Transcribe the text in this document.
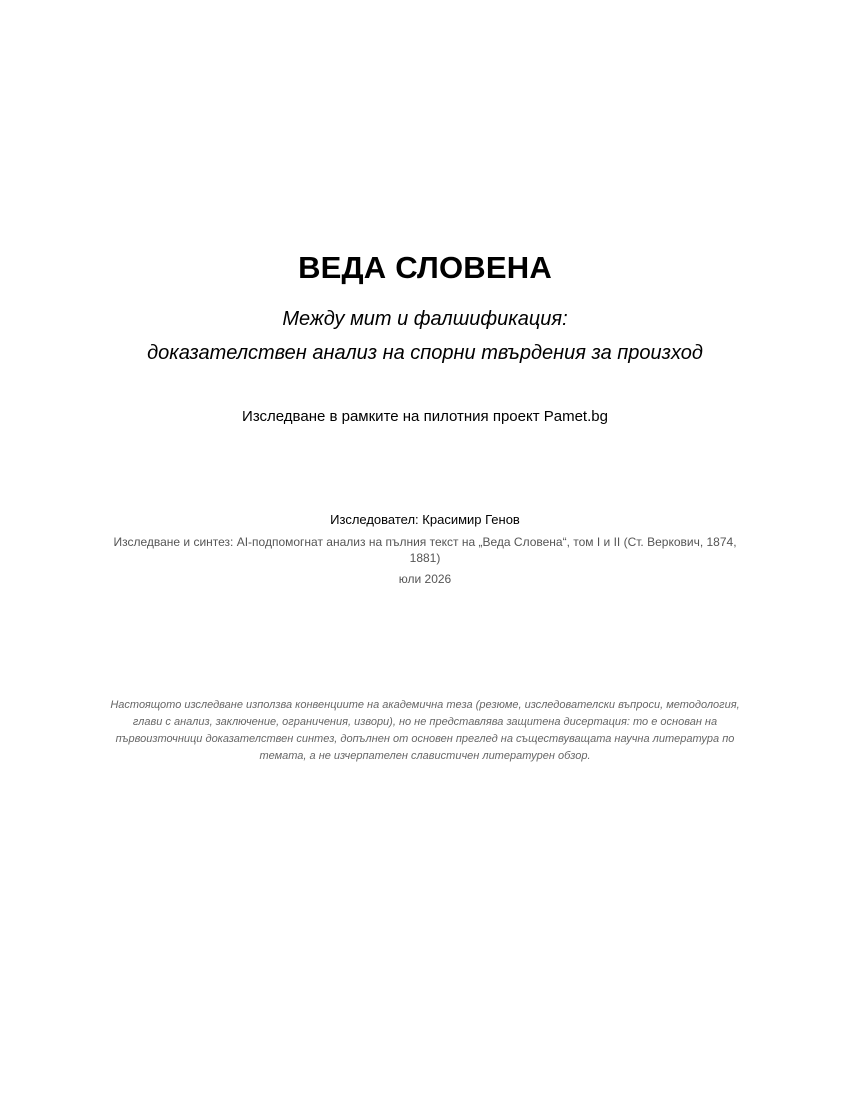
ВЕДА СЛОВЕНА
Между мит и фалшификация:
доказателствен анализ на спорни твърдения за произход
Изследване в рамките на пилотния проект Pamet.bg
Изследовател: Красимир Генов
Изследване и синтез: AI-подпомогнат анализ на пълния текст на „Веда Словена“, том I и II (Ст. Веркович, 1874, 1881)
юли 2026
Настоящото изследване използва конвенциите на академична теза (резюме, изследователски въпроси, методология, глави с анализ, заключение, ограничения, извори), но не представлява защитена дисертация: то е основан на първоизточници доказателствен синтез, допълнен от основен преглед на съществуващата научна литература по темата, а не изчерпателен славистичен литературен обзор.
